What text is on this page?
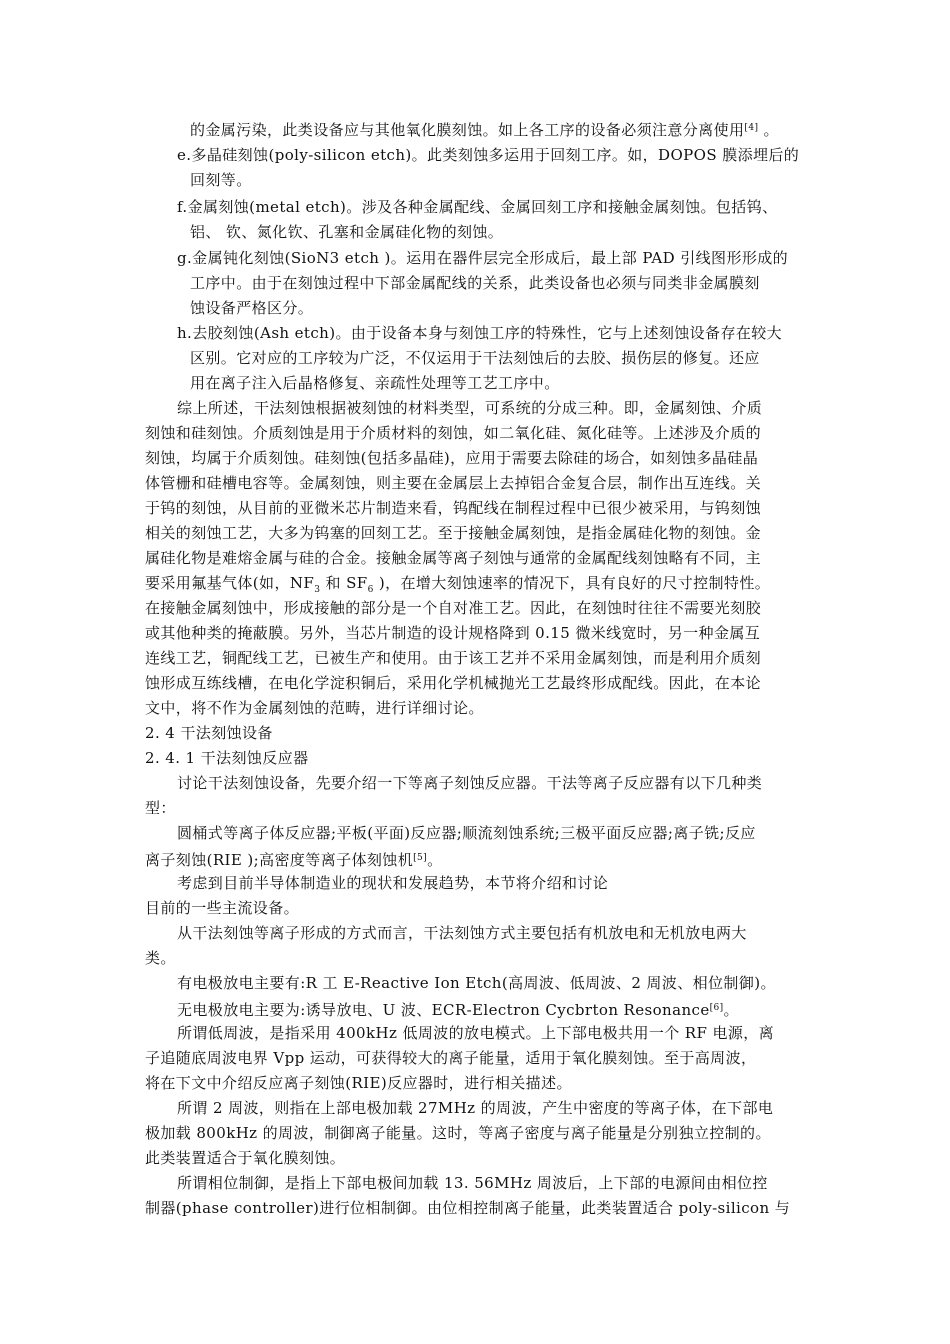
的金属污染，此类设备应与其他氧化膜刻蚀。如上各工序的设备必须注意分离使用[4] 。
e.多晶硅刻蚀(poly-silicon etch)。此类刻蚀多运用于回刻工序。如，DOPOS 膜添埋后的
回刻等。
f.金属刻蚀(metal etch)。涉及各种金属配线、金属回刻工序和接触金属刻蚀。包括钨、
铝、 钦、氮化钦、孔塞和金属硅化物的刻蚀。
g.金属钝化刻蚀(SioN3 etch )。运用在器件层完全形成后，最上部 PAD 引线图形形成的
工序中。由于在刻蚀过程中下部金属配线的关系，此类设备也必须与同类非金属膜刻
蚀设备严格区分。
h.去胶刻蚀(Ash etch)。由于设备本身与刻蚀工序的特殊性，它与上述刻蚀设备存在较大
区别。它对应的工序较为广泛，不仅运用于干法刻蚀后的去胶、损伤层的修复。还应
用在离子注入后晶格修复、亲疏性处理等工艺工序中。
综上所述，干法刻蚀根据被刻蚀的材料类型，可系统的分成三种。即，金属刻蚀、介质
刻蚀和硅刻蚀。介质刻蚀是用于介质材料的刻蚀，如二氧化硅、氮化硅等。上述涉及介质的
刻蚀，均属于介质刻蚀。硅刻蚀(包括多晶硅)，应用于需要去除硅的场合，如刻蚀多晶硅晶
体管栅和硅槽电容等。金属刻蚀，则主要在金属层上去掉铝合金复合层，制作出互连线。关
于钨的刻蚀，从目前的亚微米芯片制造来看，钨配线在制程过程中已很少被采用，与钨刻蚀
相关的刻蚀工艺，大多为钨塞的回刻工艺。至于接触金属刻蚀，是指金属硅化物的刻蚀。金
属硅化物是难熔金属与硅的合金。接触金属等离子刻蚀与通常的金属配线刻蚀略有不同，主
要采用氟基气体(如，$NF_3$ 和 $SF_6$ )，在增大刻蚀速率的情况下，具有良好的尺寸控制特性。
在接触金属刻蚀中，形成接触的部分是一个自对准工艺。因此，在刻蚀时往往不需要光刻胶
或其他种类的掩蔽膜。另外，当芯片制造的设计规格降到 0.15 微米线宽时，另一种金属互
连线工艺，铜配线工艺，已被生产和使用。由于该工艺并不采用金属刻蚀，而是利用介质刻
蚀形成互练线槽，在电化学淀积铜后，采用化学机械抛光工艺最终形成配线。因此，在本论
文中，将不作为金属刻蚀的范畴，进行详细讨论。
2. 4 干法刻蚀设备
2. 4. 1 干法刻蚀反应器
讨论干法刻蚀设备，先要介绍一下等离子刻蚀反应器。干法等离子反应器有以下几种类
型：
圆桶式等离子体反应器;平板(平面)反应器;顺流刻蚀系统;三极平面反应器;离子铣;反应
离子刻蚀(RIE );高密度等离子体刻蚀机[5]。
考虑到目前半导体制造业的现状和发展趋势，本节将介绍和讨论
目前的一些主流设备。
从干法刻蚀等离子形成的方式而言，干法刻蚀方式主要包括有机放电和无机放电两大
类。
有电极放电主要有:R 工 E-Reactive Ion Etch(高周波、低周波、2 周波、相位制御)。
无电极放电主要为:诱导放电、U 波、ECR-Electron Cycbrton Resonance[6]。
所谓低周波，是指采用 400kHz 低周波的放电模式。上下部电极共用一个 RF 电源，离
子追随底周波电界 Vpp 运动，可获得较大的离子能量，适用于氧化膜刻蚀。至于高周波，
将在下文中介绍反应离子刻蚀(RIE)反应器时，进行相关描述。
所谓 2 周波，则指在上部电极加载 27MHz 的周波，产生中密度的等离子体，在下部电
极加载 800kHz 的周波，制御离子能量。这时，等离子密度与离子能量是分别独立控制的。
此类装置适合于氧化膜刻蚀。
所谓相位制御，是指上下部电极间加载 13. 56MHz 周波后，上下部的电源间由相位控
制器(phase controller)进行位相制御。由位相控制离子能量，此类装置适合 poly-silicon 与
